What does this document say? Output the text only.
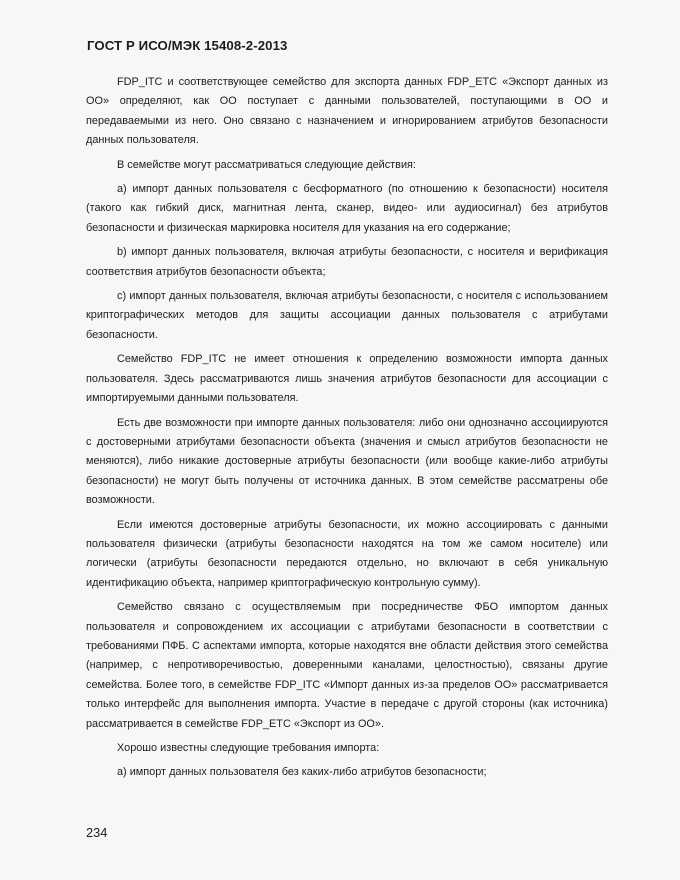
ГОСТ Р ИСО/МЭК 15408-2-2013

FDP_ITC и соответствующее семейство для экспорта данных FDP_ETC «Экспорт данных из ОО» определяют, как ОО поступает с данными пользователей, поступающими в ОО и передаваемыми из него. Оно связано с назначением и игнорированием атрибутов безопасности данных пользователя.

В семействе могут рассматриваться следующие действия:

a) импорт данных пользователя с бесформатного (по отношению к безопасности) носителя (такого как гибкий диск, магнитная лента, сканер, видео- или аудиосигнал) без атрибутов безопасности и физическая маркировка носителя для указания на его содержание;

b) импорт данных пользователя, включая атрибуты безопасности, с носителя и верификация соответствия атрибутов безопасности объекта;

c) импорт данных пользователя, включая атрибуты безопасности, с носителя с использованием криптографических методов для защиты ассоциации данных пользователя с атрибутами безопасности.

Семейство FDP_ITC не имеет отношения к определению возможности импорта данных пользователя. Здесь рассматриваются лишь значения атрибутов безопасности для ассоциации с импортируемыми данными пользователя.

Есть две возможности при импорте данных пользователя: либо они однозначно ассоциируются с достоверными атрибутами безопасности объекта (значения и смысл атрибутов безопасности не меняются), либо никакие достоверные атрибуты безопасности (или вообще какие-либо атрибуты безопасности) не могут быть получены от источника данных. В этом семействе рассматрены обе возможности.

Если имеются достоверные атрибуты безопасности, их можно ассоциировать с данными пользователя физически (атрибуты безопасности находятся на том же самом носителе) или логически (атрибуты безопасности передаются отдельно, но включают в себя уникальную идентификацию объекта, например криптографическую контрольную сумму).

Семейство связано с осуществляемым при посредничестве ФБО импортом данных пользователя и сопровождением их ассоциации с атрибутами безопасности в соответствии с требованиями ПФБ. С аспектами импорта, которые находятся вне области действия этого семейства (например, с непротиворечивостью, доверенными каналами, целостностью), связаны другие семейства. Более того, в семействе FDP_ITC «Импорт данных из-за пределов ОО» рассматривается только интерфейс для выполнения импорта. Участие в передаче с другой стороны (как источника) рассматривается в семействе FDP_ETC «Экспорт из ОО».

Хорошо известны следующие требования импорта:

a) импорт данных пользователя без каких-либо атрибутов безопасности;

234
